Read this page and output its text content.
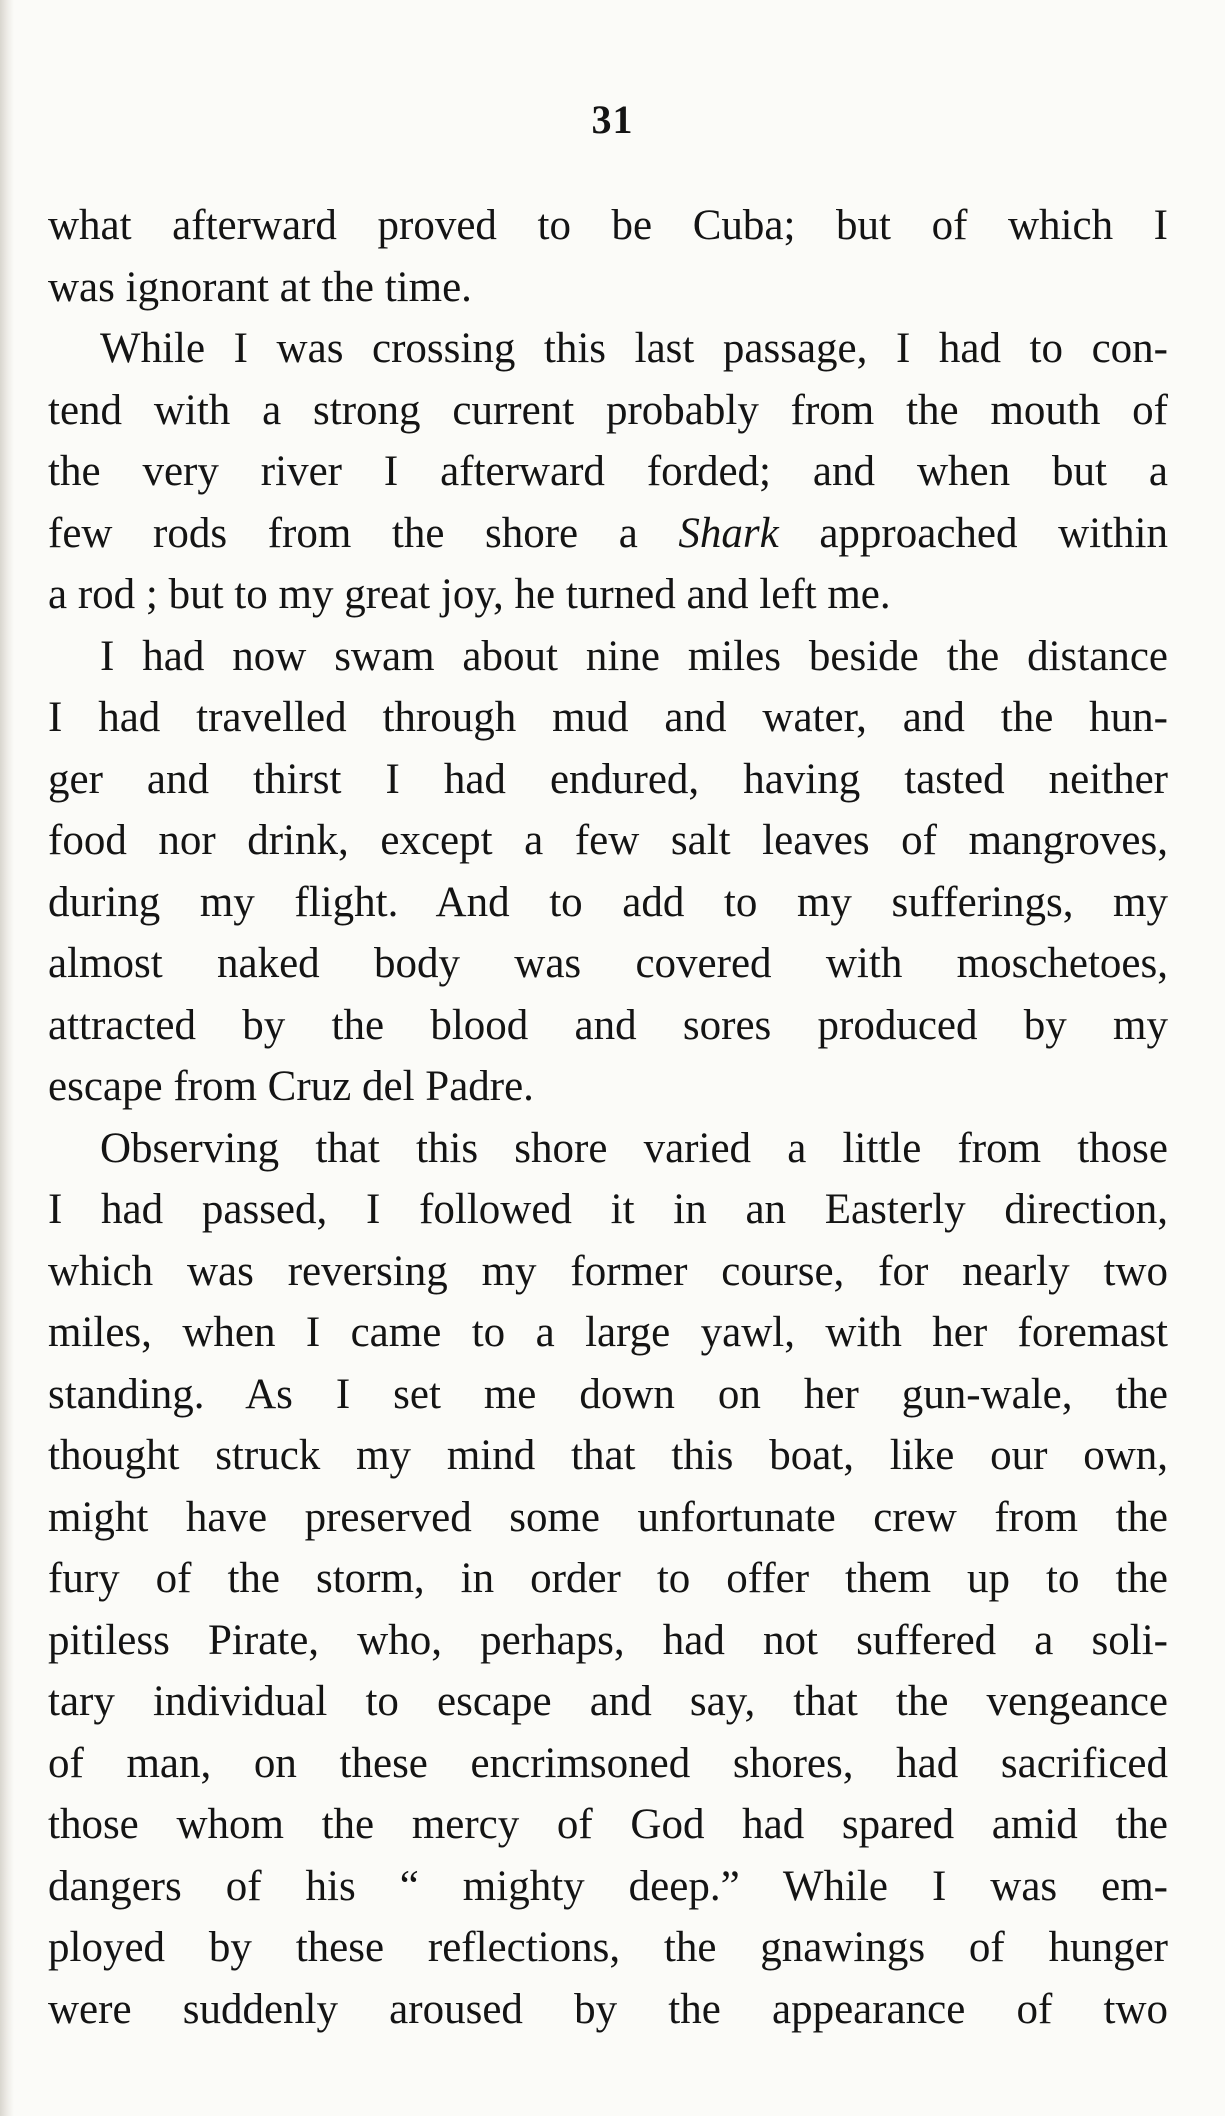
31
what afterward proved to be Cuba; but of which I
was ignorant at the time.
While I was crossing this last passage, I had to con-
tend with a strong current probably from the mouth of
the very river I afterward forded; and when but a
few rods from the shore a Shark approached within
a rod ; but to my great joy, he turned and left me.
I had now swam about nine miles beside the distance
I had travelled through mud and water, and the hun-
ger and thirst I had endured, having tasted neither
food nor drink, except a few salt leaves of mangroves,
during my flight. And to add to my sufferings, my
almost naked body was covered with moschetoes,
attracted by the blood and sores produced by my
escape from Cruz del Padre.
Observing that this shore varied a little from those
I had passed, I followed it in an Easterly direction,
which was reversing my former course, for nearly two
miles, when I came to a large yawl, with her foremast
standing. As I set me down on her gun-wale, the
thought struck my mind that this boat, like our own,
might have preserved some unfortunate crew from the
fury of the storm, in order to offer them up to the
pitiless Pirate, who, perhaps, had not suffered a soli-
tary individual to escape and say, that the vengeance
of man, on these encrimsoned shores, had sacrificed
those whom the mercy of God had spared amid the
dangers of his “ mighty deep.” While I was em-
ployed by these reflections, the gnawings of hunger
were suddenly aroused by the appearance of two
